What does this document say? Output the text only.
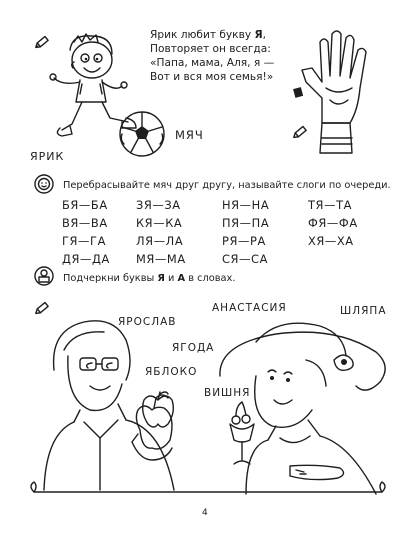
Ярик любит букву Я,
Повторяет он всегда:
«Папа, мама, Аля, я —
Вот и вся моя семья!»
ЯРИК
МЯЧ
Перебрасывайте мяч друг другу, называйте слоги по очереди.
БЯ—БА	ЗЯ—ЗА	НЯ—НА	ТЯ—ТА
ВЯ—ВА	КЯ—КА	ПЯ—ПА	ФЯ—ФА
ГЯ—ГА	ЛЯ—ЛА	РЯ—РА	ХЯ—ХА
ДЯ—ДА	МЯ—МА	СЯ—СА
Подчеркни буквы Я и А в словах.
ЯРОСЛАВ
АНАСТАСИЯ	ШЛЯПА
ЯГОДА
ЯБЛОКО
ВИШНЯ
4
